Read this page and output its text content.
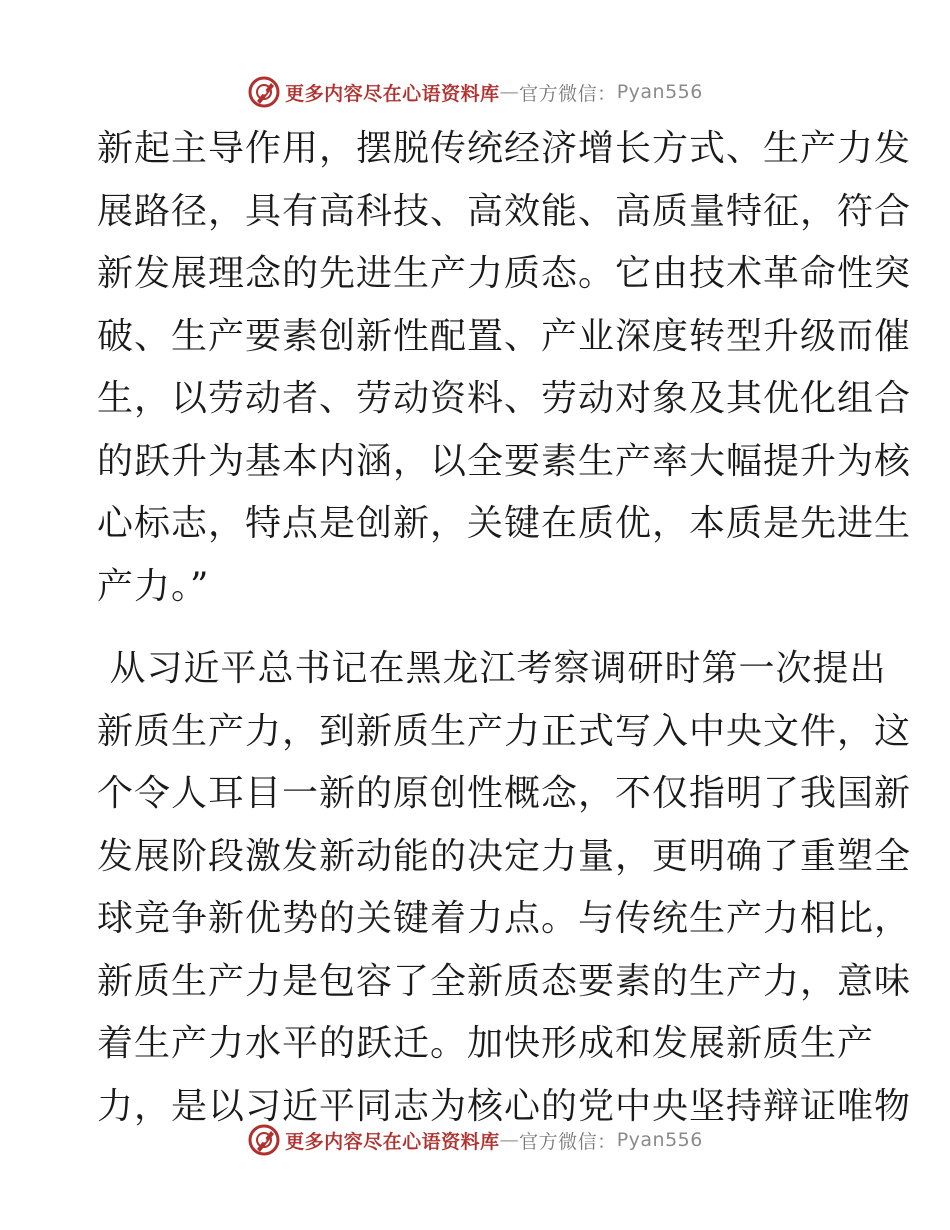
更多内容尽在心语资料库 — 官方微信： Pyan556
新起主导作用，摆脱传统经济增长方式、生产力发
展路径，具有高科技、高效能、高质量特征，符合
新发展理念的先进生产力质态。它由技术革命性突
破、生产要素创新性配置、产业深度转型升级而催
生，以劳动者、劳动资料、劳动对象及其优化组合
的跃升为基本内涵，以全要素生产率大幅提升为核
心标志，特点是创新，关键在质优，本质是先进生
产力。”
从习近平总书记在黑龙江考察调研时第一次提出
新质生产力，到新质生产力正式写入中央文件，这
个令人耳目一新的原创性概念，不仅指明了我国新
发展阶段激发新动能的决定力量，更明确了重塑全
球竞争新优势的关键着力点。与传统生产力相比，
新质生产力是包容了全新质态要素的生产力，意味
着生产力水平的跃迁。加快形成和发展新质生产
力，是以习近平同志为核心的党中央坚持辩证唯物
更多内容尽在心语资料库 — 官方微信： Pyan556
